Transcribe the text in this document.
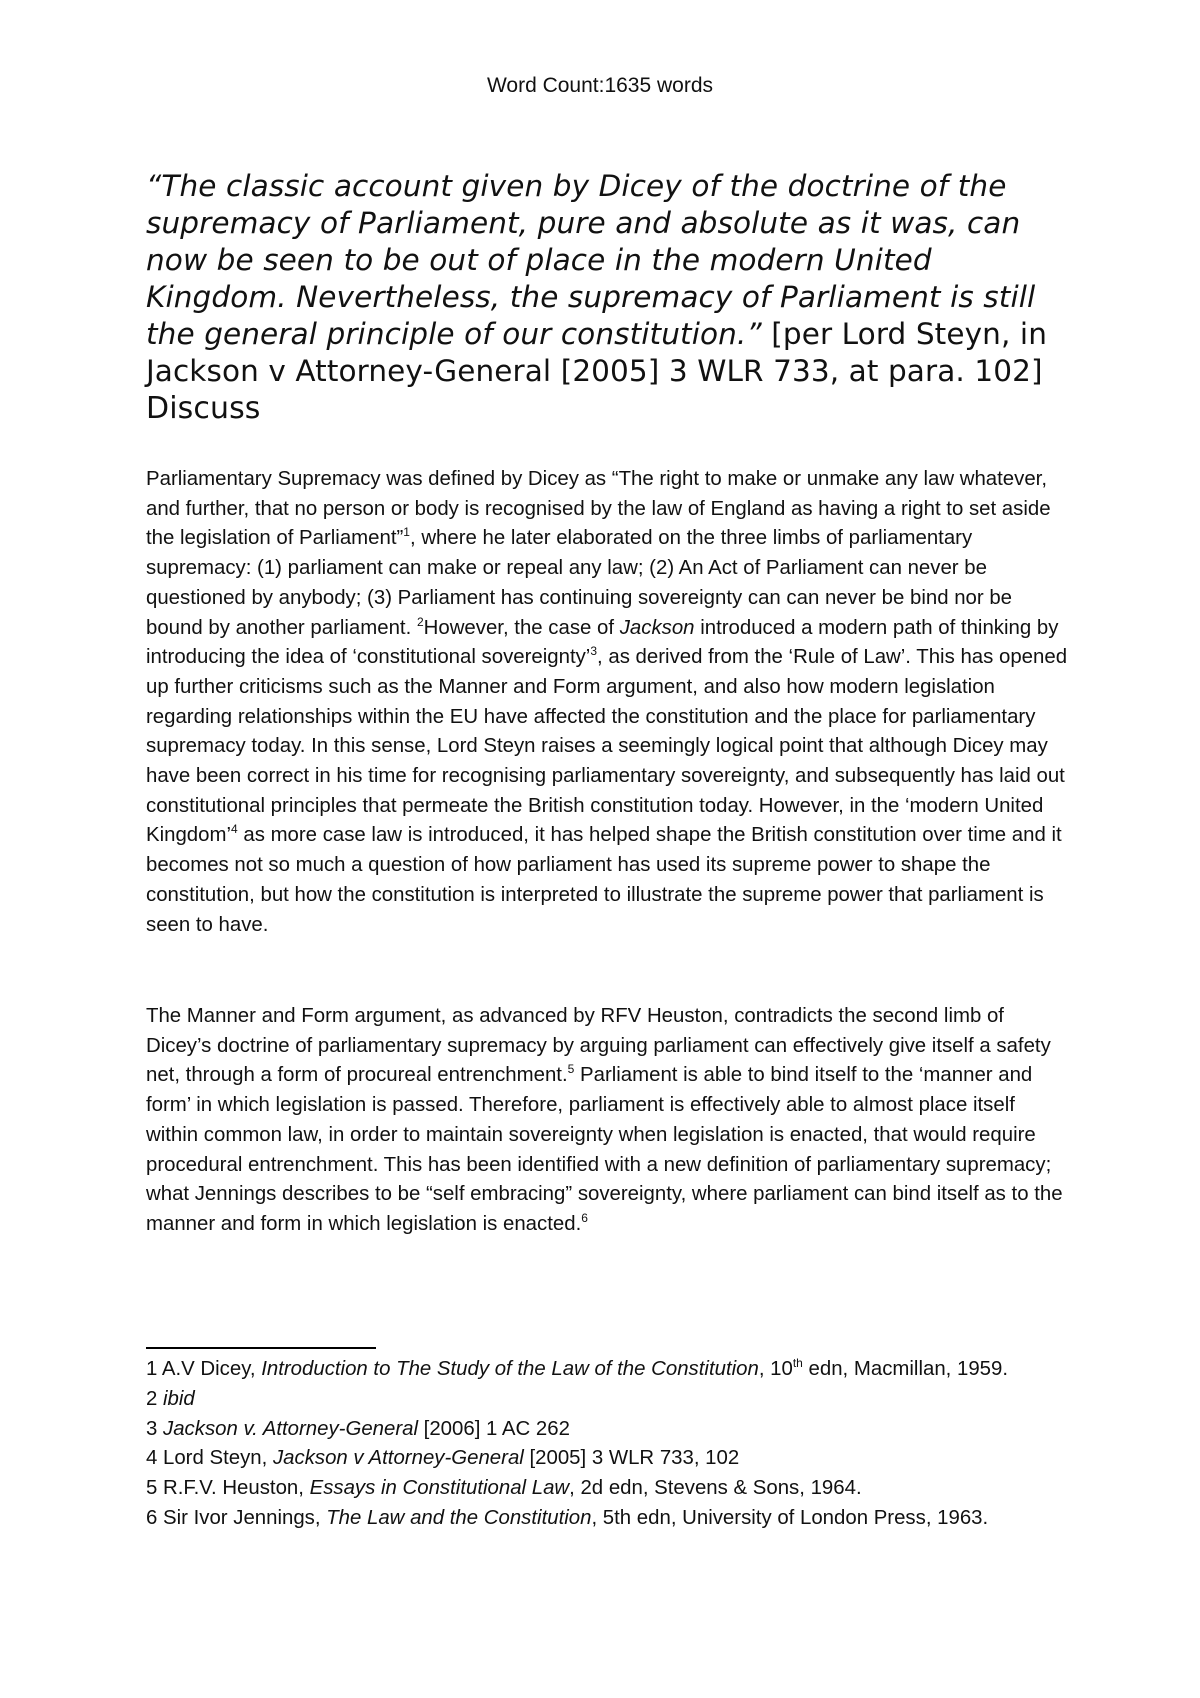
Word Count:1635 words
“The classic account given by Dicey of the doctrine of the supremacy of Parliament, pure and absolute as it was, can now be seen to be out of place in the modern United Kingdom. Nevertheless, the supremacy of Parliament is still the general principle of our constitution.” [per Lord Steyn, in Jackson v Attorney-General [2005] 3 WLR 733, at para. 102] Discuss

Parliamentary Supremacy was defined by Dicey as “The right to make or unmake any law whatever, and further, that no person or body is recognised by the law of England as having a right to set aside the legislation of Parliament”$^1$, where he later elaborated on the three limbs of parliamentary supremacy: (1) parliament can make or repeal any law; (2) An Act of Parliament can never be questioned by anybody; (3) Parliament has continuing sovereignty can can never be bind nor be bound by another parliament. $^2$However, the case of Jackson introduced a modern path of thinking by introducing the idea of ‘constitutional sovereignty’$^3$, as derived from the ‘Rule of Law’. This has opened up further criticisms such as the Manner and Form argument, and also how modern legislation regarding relationships within the EU have affected the constitution and the place for parliamentary supremacy today. In this sense, Lord Steyn raises a seemingly logical point that although Dicey may have been correct in his time for recognising parliamentary sovereignty, and subsequently has laid out constitutional principles that permeate the British constitution today. However, in the ‘modern United Kingdom’$^4$ as more case law is introduced, it has helped shape the British constitution over time and it becomes not so much a question of how parliament has used its supreme power to shape the constitution, but how the constitution is interpreted to illustrate the supreme power that parliament is seen to have.

The Manner and Form argument, as advanced by RFV Heuston, contradicts the second limb of Dicey’s doctrine of parliamentary supremacy by arguing parliament can effectively give itself a safety net, through a form of procureal entrenchment.$^5$ Parliament is able to bind itself to the ‘manner and form’ in which legislation is passed. Therefore, parliament is effectively able to almost place itself within common law, in order to maintain sovereignty when legislation is enacted, that would require procedural entrenchment. This has been identified with a new definition of parliamentary supremacy; what Jennings describes to be “self embracing” sovereignty, where parliament can bind itself as to the manner and form in which legislation is enacted.$^6$

1 A.V Dicey, Introduction to The Study of the Law of the Constitution, 10th edn, Macmillan, 1959.

2 ibid

3 Jackson v. Attorney-General [2006] 1 AC 262

4 Lord Steyn, Jackson v Attorney-General [2005] 3 WLR 733, 102

5 R.F.V. Heuston, Essays in Constitutional Law, 2d edn, Stevens & Sons, 1964.

6 Sir Ivor Jennings, The Law and the Constitution, 5th edn, University of London Press, 1963.
